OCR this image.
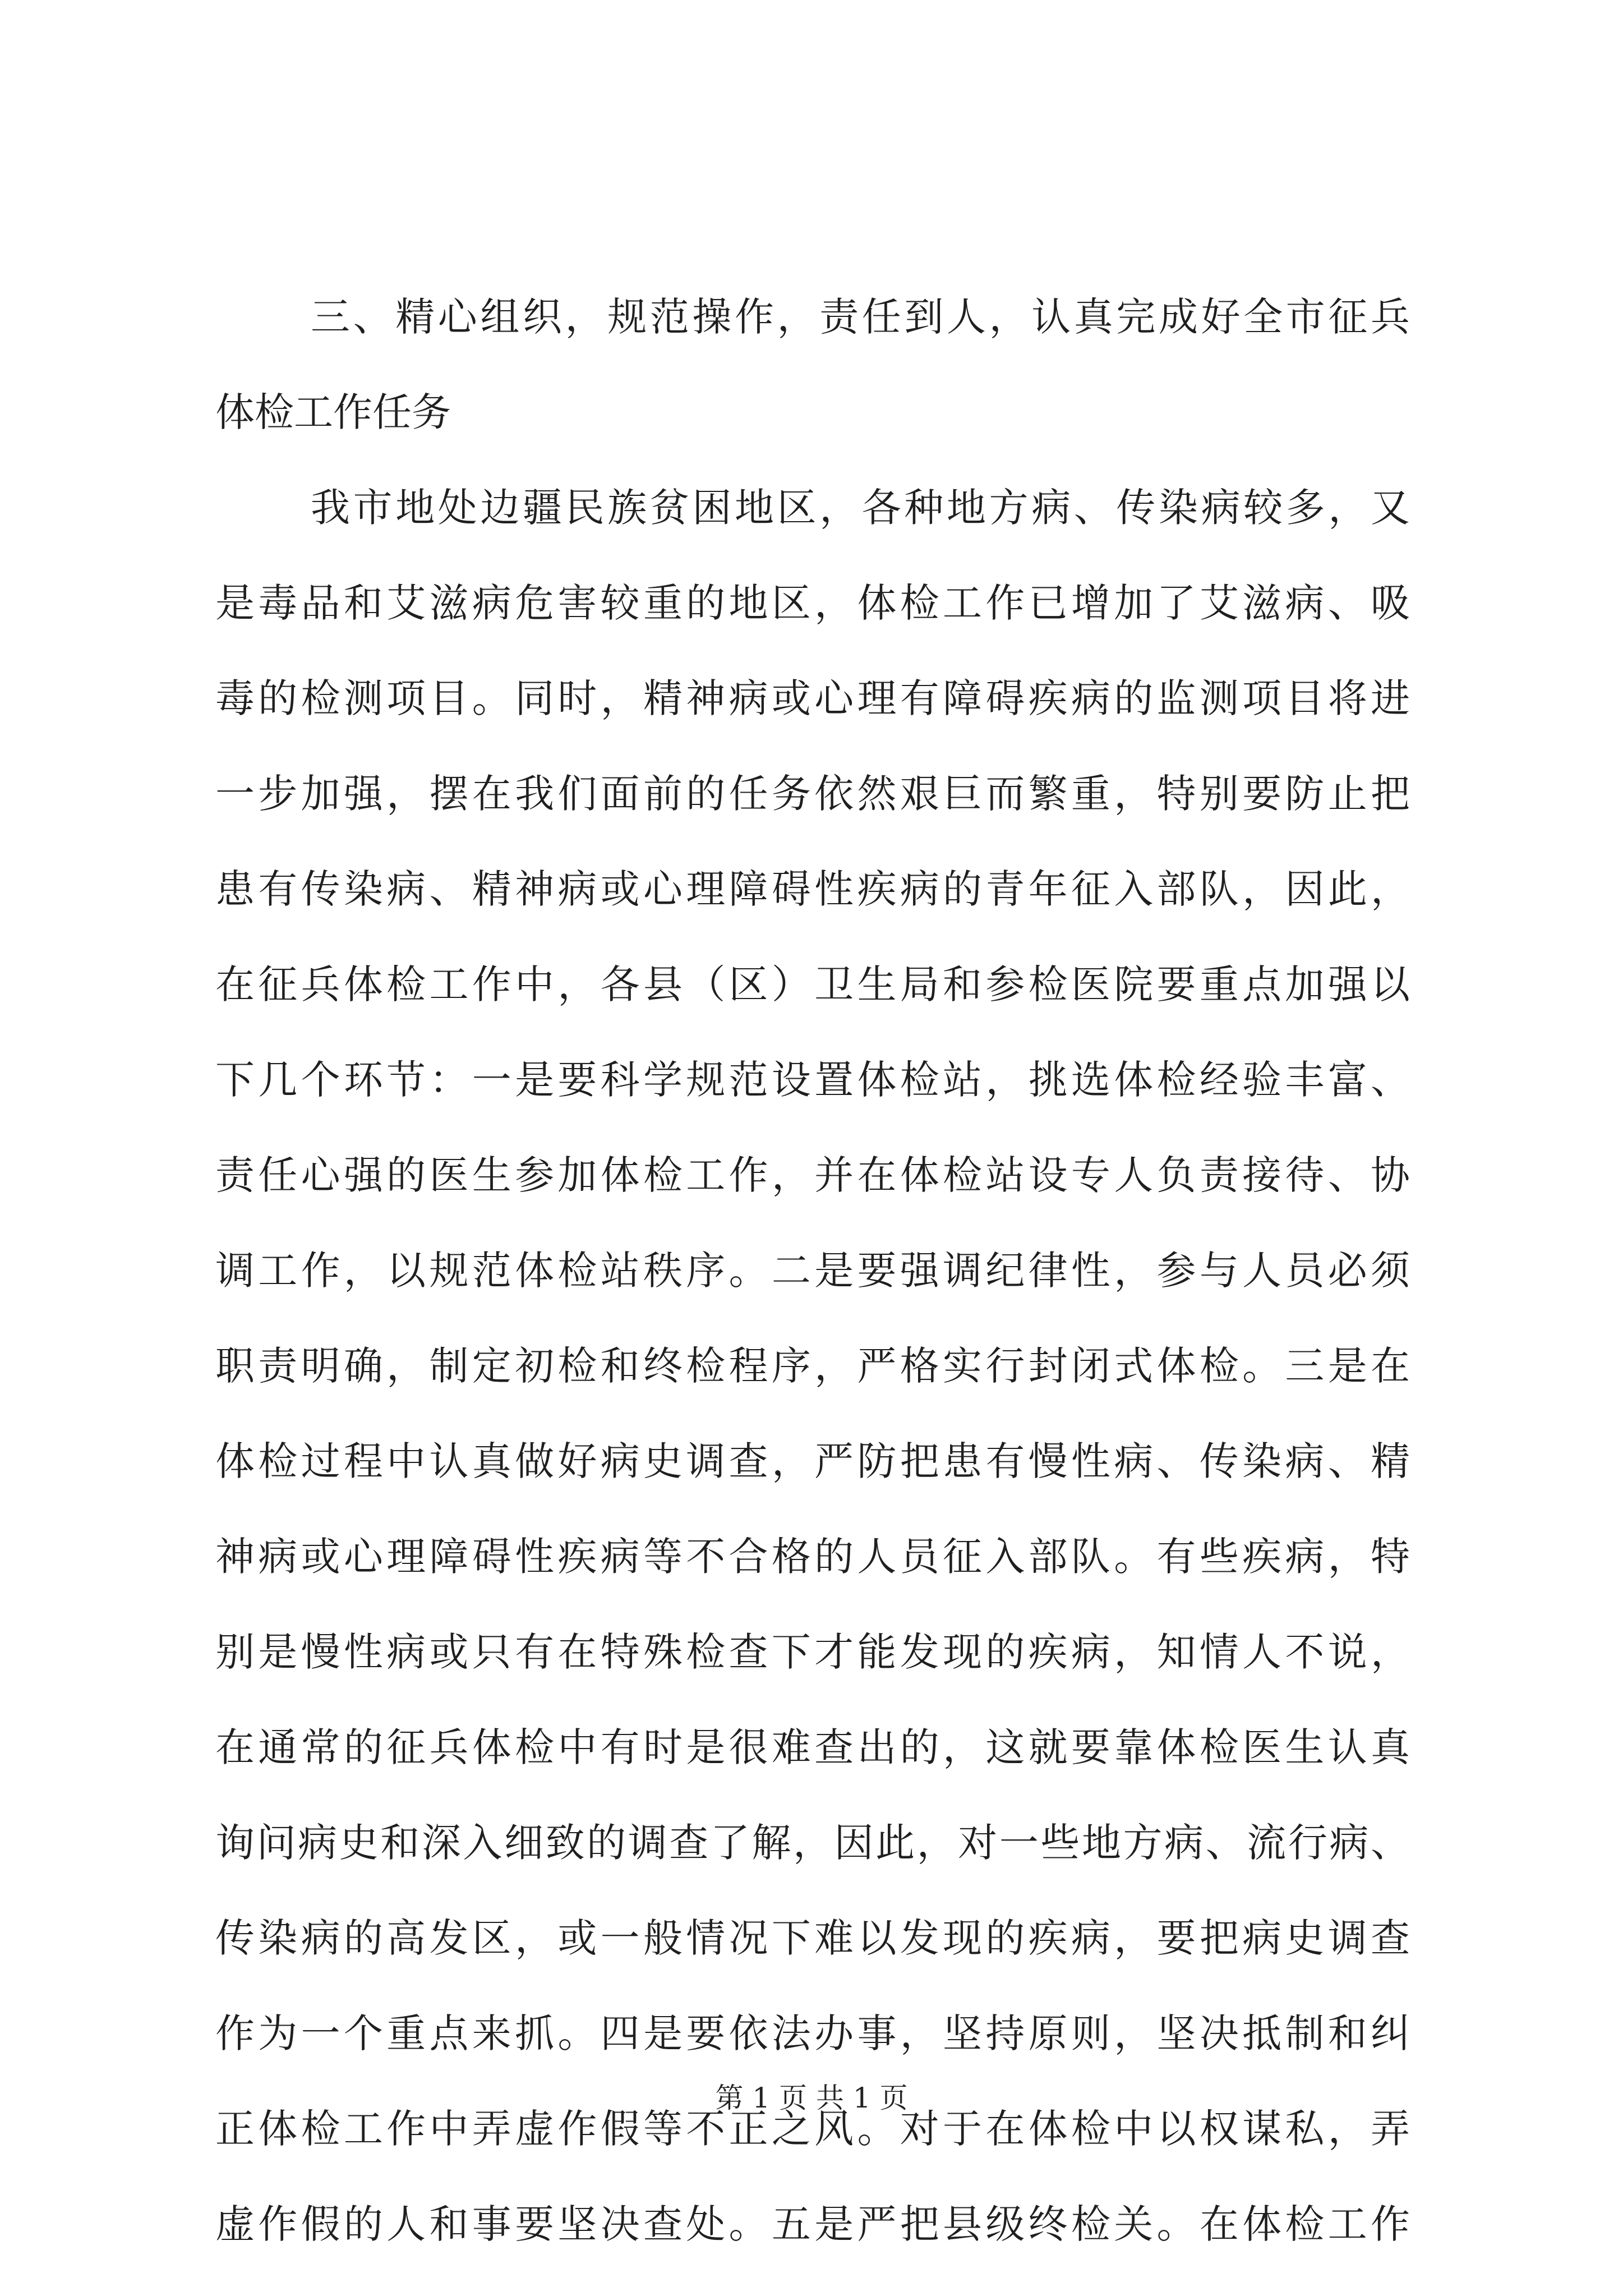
三、精心组织，规范操作，责任到人，认真完成好全市征兵
体检工作任务
我市地处边疆民族贫困地区，各种地方病、传染病较多，又
是毒品和艾滋病危害较重的地区，体检工作已增加了艾滋病、吸
毒的检测项目。同时，精神病或心理有障碍疾病的监测项目将进
一步加强，摆在我们面前的任务依然艰巨而繁重，特别要防止把
患有传染病、精神病或心理障碍性疾病的青年征入部队，因此，
在征兵体检工作中，各县（区）卫生局和参检医院要重点加强以
下几个环节：一是要科学规范设置体检站，挑选体检经验丰富、
责任心强的医生参加体检工作，并在体检站设专人负责接待、协
调工作，以规范体检站秩序。二是要强调纪律性，参与人员必须
职责明确，制定初检和终检程序，严格实行封闭式体检。三是在
体检过程中认真做好病史调查，严防把患有慢性病、传染病、精
神病或心理障碍性疾病等不合格的人员征入部队。有些疾病，特
别是慢性病或只有在特殊检查下才能发现的疾病，知情人不说，
在通常的征兵体检中有时是很难查出的，这就要靠体检医生认真
询问病史和深入细致的调查了解，因此，对一些地方病、流行病、
传染病的高发区，或一般情况下难以发现的疾病，要把病史调查
作为一个重点来抓。四是要依法办事，坚持原则，坚决抵制和纠
正体检工作中弄虚作假等不正之风。对于在体检中以权谋私，弄
虚作假的人和事要坚决查处。五是严把县级终检关。在体检工作
第 1 页 共 1 页
